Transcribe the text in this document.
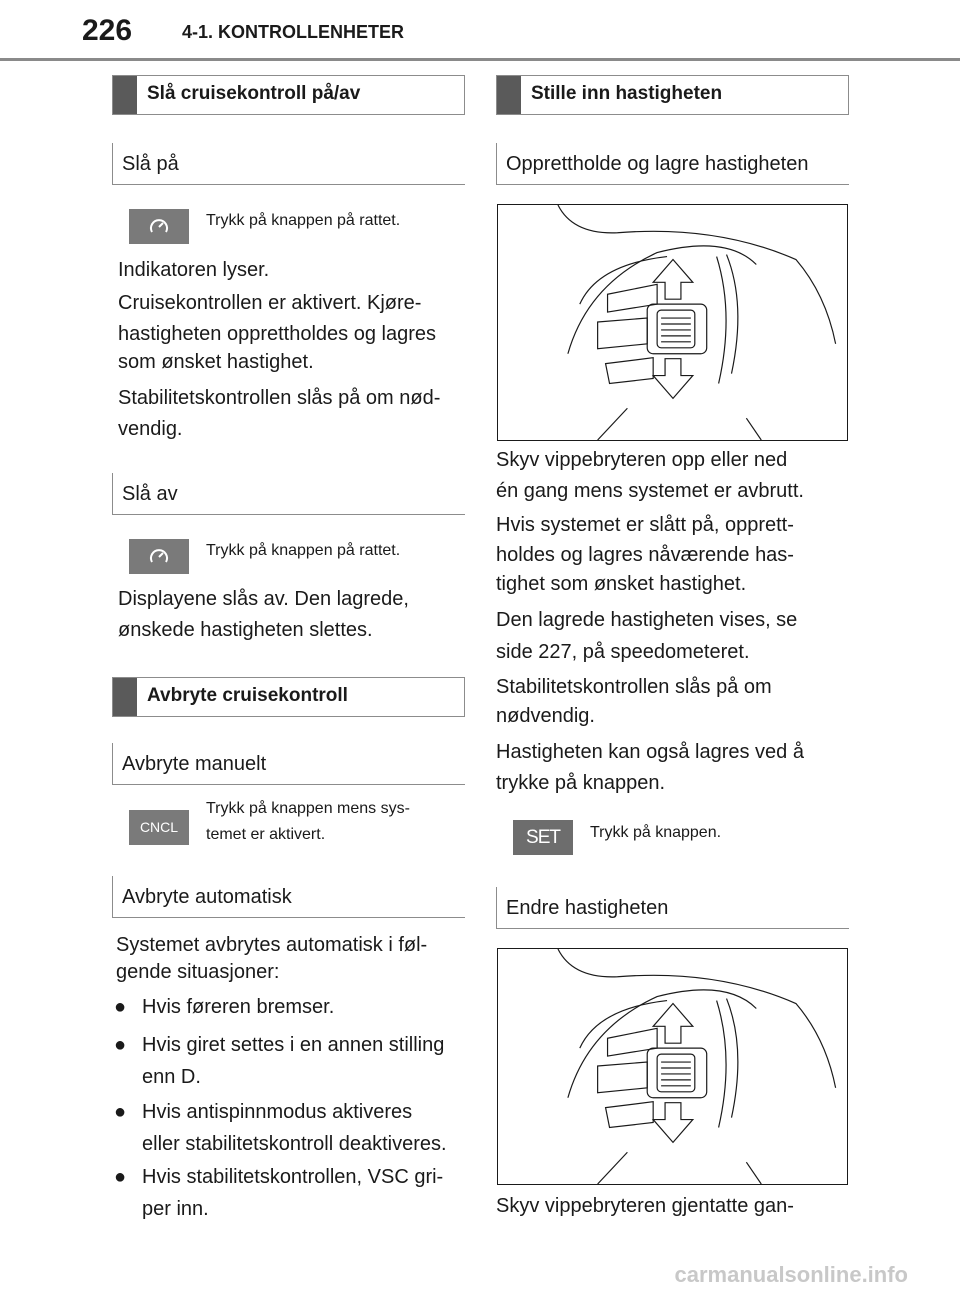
226	4-1. KONTROLLENHETER
Slå cruisekontroll på/av
Slå på
Trykk på knappen på rattet.
Indikatoren lyser.
Cruisekontrollen er aktivert. Kjøre-
hastigheten opprettholdes og lagres
som ønsket hastighet.
Stabilitetskontrollen slås på om nød-
vendig.
Slå av
Trykk på knappen på rattet.
Displayene slås av. Den lagrede,
ønskede hastigheten slettes.
Avbryte cruisekontroll
Avbryte manuelt
CNCL
Trykk på knappen mens sys-
temet er aktivert.
Avbryte automatisk
Systemet avbrytes automatisk i føl-
gende situasjoner:
● Hvis føreren bremser.
● Hvis giret settes i en annen stilling
enn D.
● Hvis antispinnmodus aktiveres
eller stabilitetskontroll deaktiveres.
● Hvis stabilitetskontrollen, VSC gri-
per inn.
Stille inn hastigheten
Opprettholde og lagre hastigheten
Skyv vippebryteren opp eller ned
én gang mens systemet er avbrutt.
Hvis systemet er slått på, opprett-
holdes og lagres nåværende has-
tighet som ønsket hastighet.
Den lagrede hastigheten vises, se
side 227, på speedometeret.
Stabilitetskontrollen slås på om
nødvendig.
Hastigheten kan også lagres ved å
trykke på knappen.
SET	Trykk på knappen.
Endre hastigheten
Skyv vippebryteren gjentatte gan-
carmanualsonline.info
